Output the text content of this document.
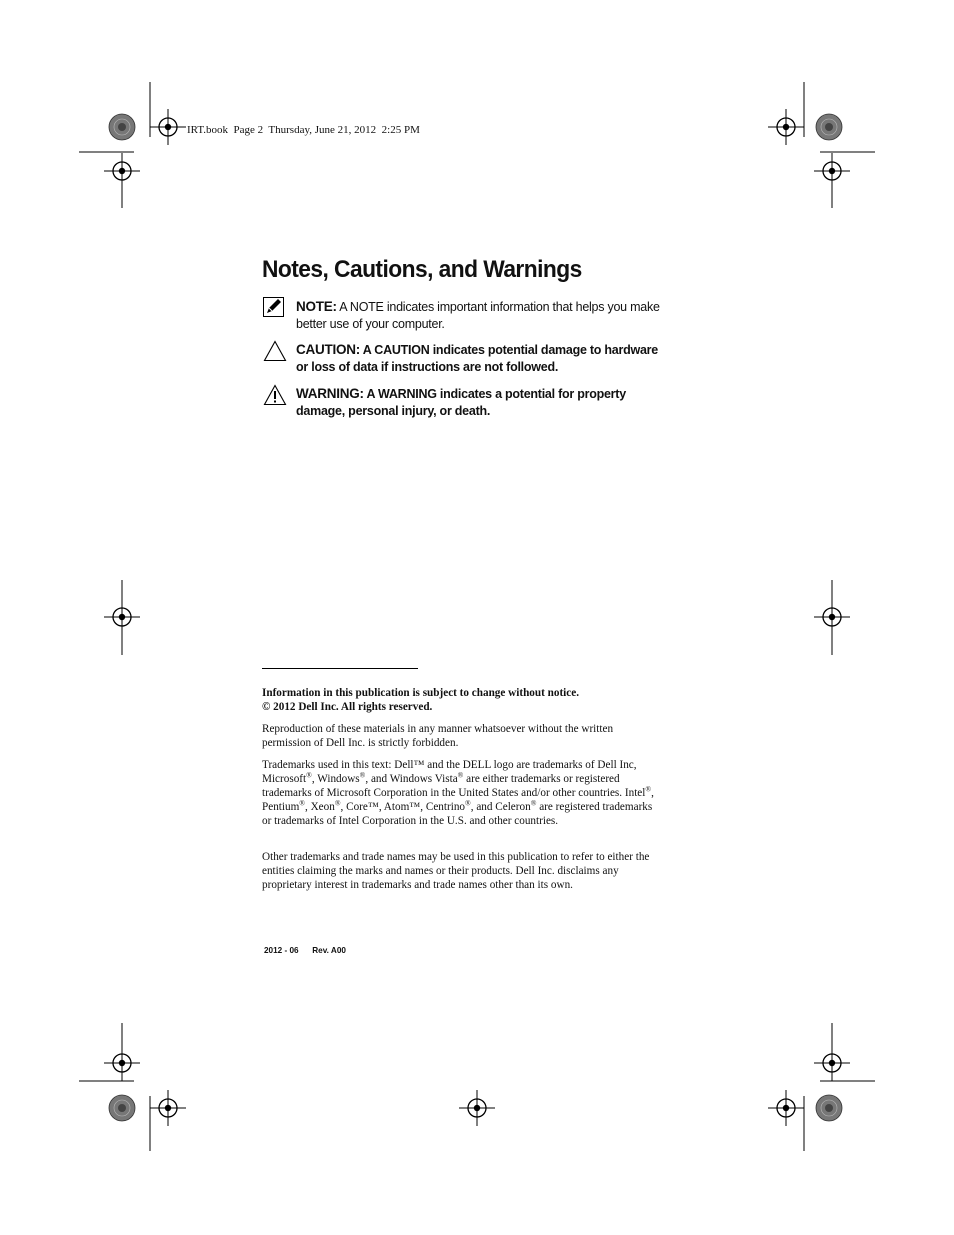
IRT.book  Page 2  Thursday, June 21, 2012  2:25 PM
Notes, Cautions, and Warnings
NOTE: A NOTE indicates important information that helps you make better use of your computer.
CAUTION: A CAUTION indicates potential damage to hardware or loss of data if instructions are not followed.
WARNING: A WARNING indicates a potential for property damage, personal injury, or death.
Information in this publication is subject to change without notice.
© 2012 Dell Inc. All rights reserved.
Reproduction of these materials in any manner whatsoever without the written permission of Dell Inc. is strictly forbidden.
Trademarks used in this text: Dell™ and the DELL logo are trademarks of Dell Inc, Microsoft®, Windows®, and Windows Vista® are either trademarks or registered trademarks of Microsoft Corporation in the United States and/or other countries. Intel®, Pentium®, Xeon®, Core™, Atom™, Centrino®, and Celeron® are registered trademarks or trademarks of Intel Corporation in the U.S. and other countries.
Other trademarks and trade names may be used in this publication to refer to either the entities claiming the marks and names or their products. Dell Inc. disclaims any proprietary interest in trademarks and trade names other than its own.
2012 - 06 Rev. A00
